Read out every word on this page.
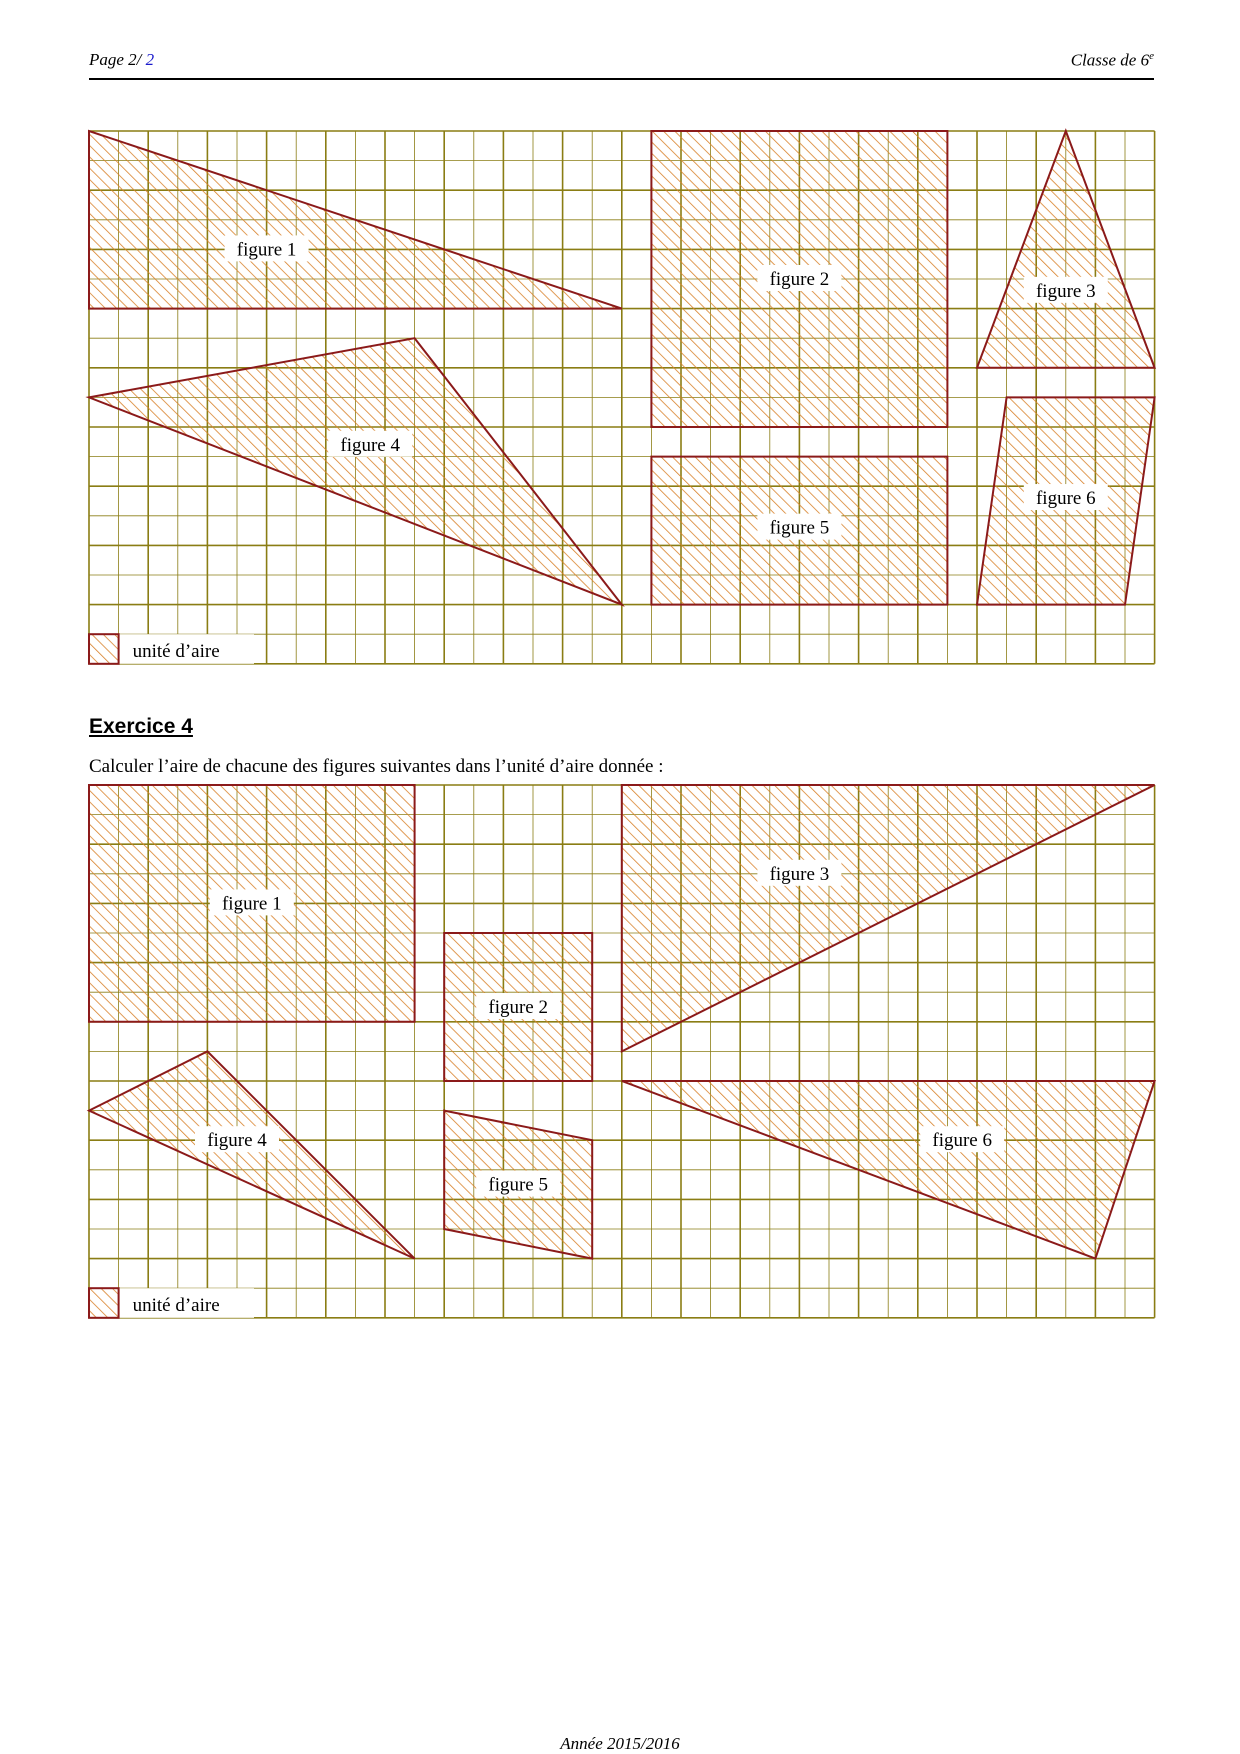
Page 2/ 2	Classe de 6e
figure 1
figure 2
figure 3
figure 4
figure 5
figure 6
unité d’aire
figure 1
figure 2
figure 3
figure 4
figure 5
figure 6
unité d’aire
Exercice 4
Calculer l’aire de chacune des figures suivantes dans l’unité d’aire donnée :
Année 2015/2016
